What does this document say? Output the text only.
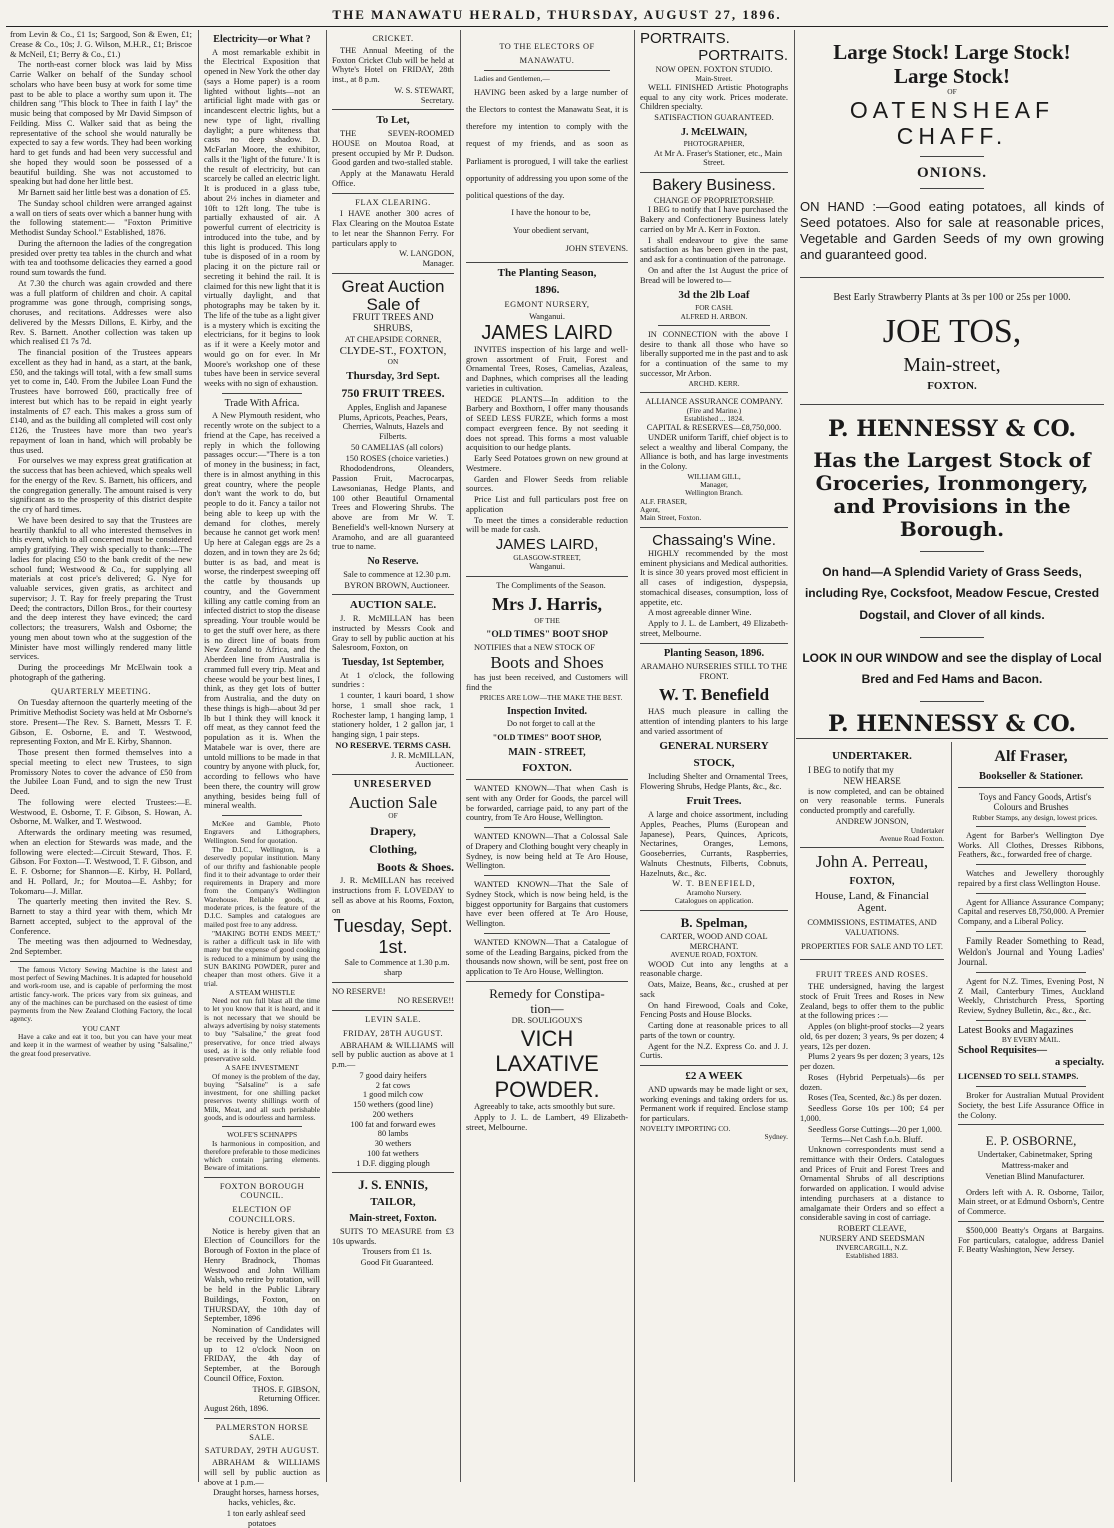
THE MANAWATU HERALD, THURSDAY, AUGUST 27, 1896.

from Levin & Co., £1 1s; Sargood, Son & Ewen, £1; Crease & Co., 10s; J. G. Wilson, M.H.R., £1; Briscoe & McNeil, £1; Berry & Co., £1.)

The north-east corner block was laid by Miss Carrie Walker on behalf of the Sunday school scholars who have been busy at work for some time past to be able to place a worthy sum upon it. The children sang "This block to Thee in faith I lay" the music being that composed by Mr David Simpson of Feilding. Miss C. Walker said that as being the representative of the school she would naturally be expected to say a few words. They had been working hard to get funds and had been very successful and she hoped they would soon be possessed of a beautiful building. She was not accustomed to speaking but had done her little best.

Mr Barnett said her little best was a donation of £5.

The Sunday school children were arranged against a wall on tiers of seats over which a banner hung with the following statement:— "Foxton Primitive Methodist Sunday School." Established, 1876.

During the afternoon the ladies of the congregation presided over pretty tea tables in the church and what with tea and toothsome delicacies they earned a good round sum towards the fund.

At 7.30 the church was again crowded and there was a full platform of children and choir. A capital programme was gone through, comprising songs, choruses, and recitations. Addresses were also delivered by the Messrs Dillons, E. Kirby, and the Rev. S. Barnett. Another collection was taken up which realised £1 7s 7d.

The financial position of the Trustees appears excellent as they had in hand, as a start, at the bank, £50, and the takings will total, with a few small sums yet to come in, £40. From the Jubilee Loan Fund the Trustees have borrowed £60, practically free of interest but which has to be repaid in eight yearly instalments of £7 each. This makes a gross sum of £140, and as the building all completed will cost only £126, the Trustees have more than two year's repayment of loan in hand, which will probably be thus used.

For ourselves we may express great gratification at the success that has been achieved, which speaks well for the energy of the Rev. S. Barnett, his officers, and the congregation generally. The amount raised is very significant as to the prosperity of this district despite the cry of hard times.

We have been desired to say that the Trustees are heartily thankful to all who interested themselves in this event, which to all concerned must be considered amply gratifying. They wish specially to thank:—The ladies for placing £50 to the bank credit of the new school fund; Westwood & Co., for supplying all materials at cost price's delivered; G. Nye for valuable services, given gratis, as architect and supervisor; J. T. Ray for freely preparing the Trust Deed; the contractors, Dillon Bros., for their courtesy and the deep interest they have evinced; the card collectors; the treasurers, Walsh and Osborne; the young men about town who at the suggestion of the Minister have most willingly rendered many little services.

During the proceedings Mr McElwain took a photograph of the gathering.

QUARTERLY MEETING.

On Tuesday afternoon the quarterly meeting of the Primitive Methodist Society was held at Mr Osborne's store. Present—The Rev. S. Barnett, Messrs T. F. Gibson, E. Osborne, E. and T. Westwood, representing Foxton, and Mr E. Kirby, Shannon.

Those present then formed themselves into a special meeting to elect new Trustees, to sign Promissory Notes to cover the advance of £50 from the Jubilee Loan Fund, and to sign the new Trust Deed.

The following were elected Trustees:—E. Westwood, E. Osborne, T. F. Gibson, S. Howan, A. Osborne, M. Walker, and T. Westwood.

Afterwards the ordinary meeting was resumed, when an election for Stewards was made, and the following were elected:—Circuit Steward, Thos. F. Gibson. For Foxton—T. Westwood, T. F. Gibson, and E. F. Osborne; for Shannon—E. Kirby, H. Pollard, and H. Pollard, Jr.; for Moutoa—E. Ashby; for Tokomaru—J. Millar.

The quarterly meeting then invited the Rev. S. Barnett to stay a third year with them, which Mr Barnett accepted, subject to the approval of the Conference.

The meeting was then adjourned to Wednesday, 2nd September.

The famous Victory Sewing Machine is the latest and most perfect of Sewing Machines. It is adapted for household and work-room use, and is capable of performing the most artistic fancy-work. The prices vary from six guineas, and any of the machines can be purchased on the easiest of time payments from the New Zealand Clothing Factory, the local agency.

YOU CANT

Have a cake and eat it too, but you can have your meat and keep it in the warmest of weather by using "Salsaline," the great food preservative.

Electricity—or What ?

A most remarkable exhibit in the Electrical Exposition that opened in New York the other day (says a Home paper) is a room lighted without lights—not an artificial light made with gas or incandescent electric lights, but a new type of light, rivalling daylight; a pure whiteness that casts no deep shadow. D. McFarlan Moore, the exhibitor, calls it the 'light of the future.' It is the result of electricity, but can scarcely be called an electric light. It is produced in a glass tube, about 2½ inches in diameter and 10ft to 12ft long. The tube is partially exhausted of air. A powerful current of electricity is introduced into the tube, and by this light is produced. This long tube is disposed of in a room by placing it on the picture rail or secreting it behind the rail. It is claimed for this new light that it is virtually daylight, and that photographs may be taken by it. The life of the tube as a light giver is a mystery which is exciting the electricians, for it begins to look as if it were a Keely motor and would go on for ever. In Mr Moore's workshop one of these tubes have been in service several weeks with no sign of exhaustion.

Trade With Africa.

A New Plymouth resident, who recently wrote on the subject to a friend at the Cape, has received a reply in which the following passages occur:—"There is a ton of money in the business; in fact, there is in almost anything in this great country, where the people don't want the work to do, but people to do it. Fancy a tailor not being able to keep up with the demand for clothes, merely because he cannot get work men! Up here at Calegan eggs are 2s a dozen, and in town they are 2s 6d; butter is as bad, and meat is worse, the rinderpest sweeping off the cattle by thousands up country, and the Government killing any cattle coming from an infected district to stop the disease spreading. Your trouble would be to get the stuff over here, as there is no direct line of boats from New Zealand to Africa, and the Aberdeen line from Australia is crammed full every trip. Meat and cheese would be your best lines, I think, as they get lots of butter from Australia, and the duty on these things is high—about 3d per lb but I think they will knock it off meat, as they cannot feed the population as it is. When the Matabele war is over, there are untold millions to be made in that country by anyone with pluck, for, according to fellows who have been there, the country will grow anything, besides being full of mineral wealth.

McKee and Gamble, Photo Engravers and Lithographers, Wellington. Send for quotation.

The D.I.C., Wellington, is a deservedly popular institution. Many of our thrifty and fashionable people find it to their advantage to order their requirements in Drapery and more from the Company's Wellington Warehouse. Reliable goods, at moderate prices, is the feature of the D.I.C. Samples and catalogues are mailed post free to any address.

"MAKING BOTH ENDS MEET," is rather a difficult task in life with many but the expense of good cooking is reduced to a minimum by using the SUN BAKING POWDER, purer and cheaper than most others. Give it a trial.

A STEAM WHISTLE

Need not run full blast all the time to let you know that it is heard, and it is not necessary that we should be always advertising by noisy statements to buy "Salsaline," the great food preservative, for once tried always used, as it is the only reliable food preservative sold.

A SAFE INVESTMENT

Of money is the problem of the day, buying "Salsaline" is a safe investment, for one shilling packet preserves twenty shillings worth of Milk, Meat, and all such perishable goods, and is odourless and harmless.

WOLFE'S SCHNAPPS

Is harmonious in composition, and therefore preferable to those medicines which contain jarring elements. Beware of imitations.

FOXTON BOROUGH COUNCIL.
ELECTION OF COUNCILLORS.

Notice is hereby given that an Election of Councillors for the Borough of Foxton in the place of Henry Bradnock, Thomas Westwood and John William Walsh, who retire by rotation, will be held in the Public Library Buildings, Foxton, on THURSDAY, the 10th day of September, 1896

Nomination of Candidates will be received by the Undersigned up to 12 o'clock Noon on FRIDAY, the 4th day of September, at the Borough Council Office, Foxton.

THOS. F. GIBSON,
Returning Officer.
August 26th, 1896.
PALMERSTON HORSE SALE.
SATURDAY, 29TH AUGUST.

ABRAHAM & WILLIAMS will sell by public auction as above at 1 p.m.—

Draught horses, harness horses, hacks, vehicles, &c.

1 ton early ashleaf seed potatoes

CRICKET.

THE Annual Meeting of the Foxton Cricket Club will be held at Whyte's Hotel on FRIDAY, 28th inst., at 8 p.m.

W. S. STEWART,
Secretary.
To Let,

THE SEVEN-ROOMED HOUSE on Moutoa Road, at present occupied by Mr P. Dudson. Good garden and two-stalled stable.

Apply at the Manawatu Herald Office.

FLAX CLEARING.

I HAVE another 300 acres of Flax Clearing on the Moutoa Estate to let near the Shannon Ferry. For particulars apply to

W. LANGDON,
Manager.
Great Auction Sale of
FRUIT TREES AND SHRUBS,
AT CHEAPSIDE CORNER,
CLYDE-ST., FOXTON,
ON
Thursday, 3rd Sept.
750 FRUIT TREES.

Apples, English and Japanese Plums, Apricots, Peaches, Pears, Cherries, Walnuts, Hazels and Filberts.

50 CAMELIAS (all colors)

150 ROSES (choice varieties.)

Rhododendrons, Oleanders, Passion Fruit, Macrocarpas, Lawsonianas, Hedge Plants, and 100 other Beautiful Ornamental Trees and Flowering Shrubs. The above are from Mr W. T. Benefield's well-known Nursery at Aramoho, and are all guaranteed true to name.

No Reserve.

Sale to commence at 12.30 p.m.

BYRON BROWN, Auctioneer.

AUCTION SALE.

J. R. McMILLAN has been instructed by Messrs Cook and Gray to sell by public auction at his Salesroom, Foxton, on

Tuesday, 1st September,

At 1 o'clock, the following sundries :

1 counter, 1 kauri board, 1 show horse, 1 small shoe rack, 1 Rochester lamp, 1 hanging lamp, 1 stationery holder, 1 2 gallon jar, 1 hanging sign, 1 pair steps.

NO RESERVE. TERMS CASH.
J. R. McMILLAN,
Auctioneer.
UNRESERVED
Auction Sale
OF
Drapery,
Clothing,
Boots & Shoes.

J. R. McMILLAN has received instructions from F. LOVEDAY to sell as above at his Rooms, Foxton, on

Tuesday, Sept. 1st.

Sale to Commence at 1.30 p.m. sharp

NO RESERVE!
NO RESERVE!!
LEVIN SALE.
FRIDAY, 28TH AUGUST.

ABRAHAM & WILLIAMS will sell by public auction as above at 1 p.m.—

7 good dairy heifers
2 fat cows
1 good milch cow
150 wethers (good line)
200 wethers
100 fat and forward ewes
80 lambs
30 wethers
100 fat wethers
1 D.F. digging plough
J. S. ENNIS,
TAILOR,
Main-street, Foxton.

SUITS TO MEASURE from £3 10s upwards.

Trousers from £1 1s.

Good Fit Guaranteed.

TO THE ELECTORS OF
MANAWATU.

Ladies and Gentlemen,—

HAVING been asked by a large number of the Electors to contest the Manawatu Seat, it is therefore my intention to comply with the request of my friends, and as soon as Parliament is prorogued, I will take the earliest opportunity of addressing you upon some of the political questions of the day.

I have the honour to be,

Your obedient servant,

JOHN STEVENS.

The Planting Season,
1896.
EGMONT NURSERY,
Wanganui.
JAMES LAIRD

INVITES inspection of his large and well-grown assortment of Fruit, Forest and Ornamental Trees, Roses, Camelias, Azaleas, and Daphnes, which comprises all the leading varieties in cultivation.

HEDGE PLANTS—In addition to the Barbery and Boxthorn, I offer many thousands of SEED LESS FURZE, which forms a most compact evergreen fence. By not seeding it does not spread. This forms a most valuable acquisition to our hedge plants.

Early Seed Potatoes grown on new ground at Westmere.

Garden and Flower Seeds from reliable sources.

Price List and full particulars post free on application

To meet the times a considerable reduction will be made for cash.

JAMES LAIRD,
GLASGOW-STREET,
Wanganui.

The Compliments of the Season.

Mrs J. Harris,
OF THE
"OLD TIMES" BOOT SHOP

NOTIFIES that a NEW STOCK OF

Boots and Shoes

has just been received, and Customers will find the

PRICES ARE LOW—THE MAKE THE BEST.

Inspection Invited.

Do not forget to call at the

"OLD TIMES" BOOT SHOP,
MAIN - STREET,
FOXTON.

WANTED KNOWN—That when Cash is sent with any Order for Goods, the parcel will be forwarded, carriage paid, to any part of the country, from Te Aro House, Wellington.

WANTED KNOWN—That a Colossal Sale of Drapery and Clothing bought very cheaply in Sydney, is now being held at Te Aro House, Wellington.

WANTED KNOWN—That the Sale of Sydney Stock, which is now being held, is the biggest opportunity for Bargains that customers have ever been offered at Te Aro House, Wellington.

WANTED KNOWN—That a Catalogue of some of the Leading Bargains, picked from the thousands now shown, will be sent, post free on application to Te Aro House, Wellington.

Remedy for Constipa-
tion—
DR. SOULIGOUX'S
VICH LAXATIVE
POWDER.

Agreeably to take, acts smoothly but sure.

Apply to J. L. de Lambert, 49 Elizabeth-street, Melbourne.

PORTRAITS.
PORTRAITS.
NOW OPEN. FOXTON STUDIO.
Main-Street.

WELL FINISHED Artistic Photographs equal to any city work. Prices moderate. Children specialty.

SATISFACTION GUARANTEED.
J. McELWAIN,
PHOTOGRAPHER,

At Mr A. Fraser's Stationer, etc., Main Street.

Bakery Business.
CHANGE OF PROPRIETORSHIP.

I BEG to notify that I have purchased the Bakery and Confectionery Business lately carried on by Mr A. Kerr in Foxton.

I shall endeavour to give the same satisfaction as has been given in the past, and ask for a continuation of the patronage.

On and after the 1st August the price of Bread will be lowered to—

3d the 2lb Loaf
FOR CASH.
ALFRED H. ARBON.

IN CONNECTION with the above I desire to thank all those who have so liberally supported me in the past and to ask for a continuation of the same to my successor, Mr Arbon.

ARCHD. KERR.
ALLIANCE ASSURANCE COMPANY.
(Fire and Marine.)
Established ... 1824.
CAPITAL & RESERVES—£8,750,000.

UNDER uniform Tariff, chief object is to select a wealthy and liberal Company, the Alliance is both, and has large investments in the Colony.

WILLIAM GILL,
Manager,
Wellington Branch.
ALF. FRASER,
Agent,
Main Street, Foxton.
Chassaing's Wine.

HIGHLY recommended by the most eminent physicians and Medical authorities. It is since 30 years proved most efficient in all cases of indigestion, dyspepsia, stomachical diseases, consumption, loss of appetite, etc.

A most agreeable dinner Wine.

Apply to J. L. de Lambert, 49 Elizabeth-street, Melbourne.

Planting Season, 1896.
ARAMAHO NURSERIES STILL TO THE FRONT.
W. T. Benefield

HAS much pleasure in calling the attention of intending planters to his large and varied assortment of

GENERAL NURSERY
STOCK,

Including Shelter and Ornamental Trees, Flowering Shrubs, Hedge Plants, &c., &c.

Fruit Trees.

A large and choice assortment, including Apples, Peaches, Plums (European and Japanese), Pears, Quinces, Apricots, Nectarines, Oranges, Lemons, Gooseberries, Currants, Raspberries, Walnuts Chestnuts, Filberts, Cobnuts, Hazelnuts, &c., &c.

W. T. BENEFIELD,
Aramoho Nursery.
Catalogues on application.
B. Spelman,
CARTER, WOOD AND COAL MERCHANT.
AVENUE ROAD, FOXTON.

WOOD Cut into any lengths at a reasonable charge.

Oats, Maize, Beans, &c., crushed at per sack

On hand Firewood, Coals and Coke, Fencing Posts and House Blocks.

Carting done at reasonable prices to all parts of the town or country.

Agent for the N.Z. Express Co. and J. J. Curtis.

£2 A WEEK

AND upwards may be made light or sex, working evenings and taking orders for us. Permanent work if required. Enclose stamp for particulars.

NOVELTY IMPORTING CO.
Sydney.
Large Stock! Large Stock!
Large Stock!
OF
OATENSHEAF CHAFF.
ONIONS.

ON HAND :—Good eating potatoes, all kinds of Seed potatoes. Also for sale at reasonable prices, Vegetable and Garden Seeds of my own growing and guaranteed good.

Best Early Strawberry Plants at 3s per 100 or 25s per 1000.

JOE TOS,
Main-street,
FOXTON.
P. HENNESSY & CO.
Has the Largest Stock of Groceries, Ironmongery, and Provisions in the Borough.

On hand—A Splendid Variety of Grass Seeds, including Rye, Cocksfoot, Meadow Fescue, Crested Dogstail, and Clover of all kinds.

LOOK IN OUR WINDOW and see the display of Local Bred and Fed Hams and Bacon.

P. HENNESSY & CO.
UNDERTAKER.

I BEG to notify that my

NEW HEARSE

is now completed, and can be obtained on very reasonable terms. Funerals conducted promptly and carefully.

ANDREW JONSON,
Undertaker
Avenue Road Foxton.
John A. Perreau,
FOXTON,
House, Land, & Financial Agent.
COMMISSIONS, ESTIMATES, AND VALUATIONS.
PROPERTIES FOR SALE AND TO LET.
FRUIT TREES AND ROSES.

THE undersigned, having the largest stock of Fruit Trees and Roses in New Zealand, begs to offer them to the public at the following prices :—

Apples (on blight-proof stocks—2 years old, 6s per dozen; 3 years, 9s per dozen; 4 years, 12s per dozen.

Plums 2 years 9s per dozen; 3 years, 12s per dozen.

Roses (Hybrid Perpetuals)—6s per dozen.

Roses (Tea, Scented, &c.) 8s per dozen.

Seedless Gorse 10s per 100; £4 per 1,000.

Seedless Gorse Cuttings—20 per 1,000.

Terms—Net Cash f.o.b. Bluff.

Unknown correspondents must send a remittance with their Orders. Catalogues and Prices of Fruit and Forest Trees and Ornamental Shrubs of all descriptions forwarded on application. I would advise intending purchasers at a distance to amalgamate their Orders and so effect a considerable saving in cost of carriage.

ROBERT CLEAVE,
NURSERY AND SEEDSMAN
INVERCARGILL, N.Z.
Established 1883.
Alf Fraser,
Bookseller & Stationer.

Toys and Fancy Goods, Artist's Colours and Brushes

Rubber Stamps, any design, lowest prices.

Agent for Barber's Wellington Dye Works. All Clothes, Dresses Ribbons, Feathers, &c., forwarded free of charge.

Watches and Jewellery thoroughly repaired by a first class Wellington House.

Agent for Alliance Assurance Company; Capital and reserves £8,750,000. A Premier Company, and a Liberal Policy.

Family Reader Something to Read, Weldon's Journal and Young Ladies' Journal.

Agent for N.Z. Times, Evening Post, N Z Mail, Canterbury Times, Auckland Weekly, Christchurch Press, Sporting Review, Sydney Bulletin, &c., &c., &c.

Latest Books and Magazines
BY EVERY MAIL.
School Requisites—
a specialty.
LICENSED TO SELL STAMPS.

Broker for Australian Mutual Provident Society, the best Life Assurance Office in the Colony.

E. P. OSBORNE,

Undertaker, Cabinetmaker, Spring

Mattress-maker and

Venetian Blind Manufacturer.

Orders left with A. R. Osborne, Tailor, Main street, or at Edmund Osborn's, Centre of Commerce.

$500,000 Beatty's Organs at Bargains. For particulars, catalogue, address Daniel F. Beatty Washington, New Jersey.
